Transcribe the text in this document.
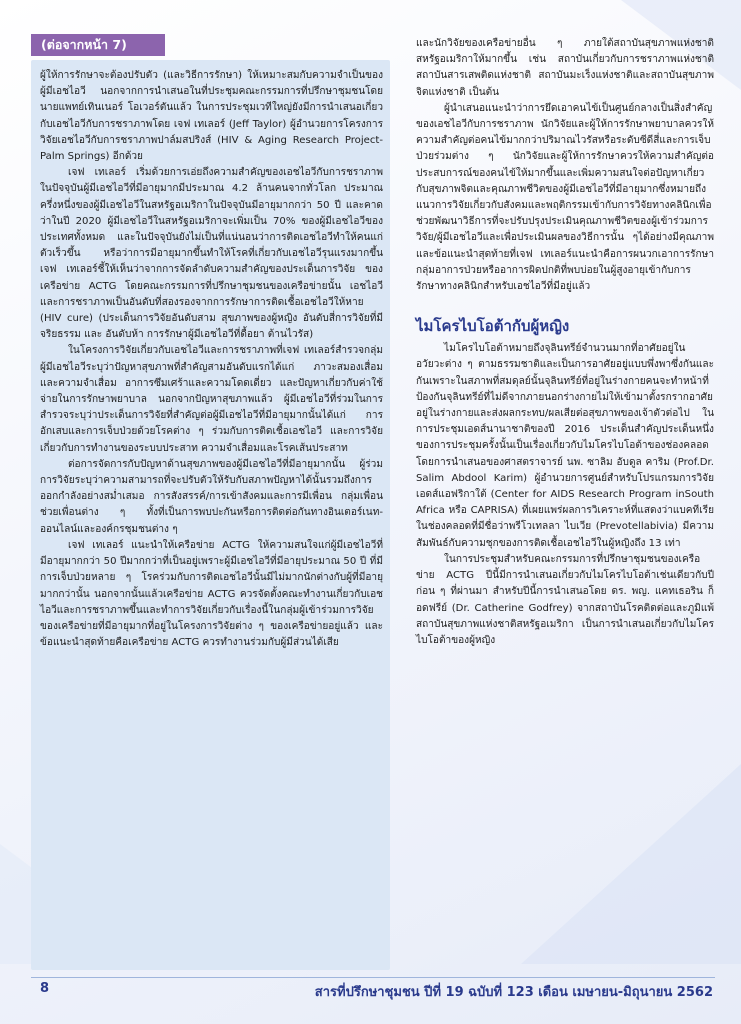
(ต่อจากหน้า 7)

ผู้ให้การรักษาจะต้องปรับตัว (และวิธีการรักษา) ให้เหมาะสมกับความจำเป็นของผู้มีเอชไอวี นอกจากการนำเสนอในที่ประชุมคณะกรรมการที่ปรึกษาชุมชนโดยนายแพทย์เทินเนอร์ โอเวอร์ตันแล้ว ในการประชุมเวทีใหญ่ยังมีการนำเสนอเกี่ยวกับเอชไอวีกับการชราภาพโดย เจฟ เทเลอร์ (Jeff Taylor) ผู้อำนวยการโครงการวิจัยเอชไอวีกับการชราภาพปาล์มสปริงส์ (HIV & Aging Research Project-Palm Springs) อีกด้วย

เจฟ เทเลอร์ เริ่มด้วยการเอ่ยถึงความสำคัญของเอชไอวีกับการชราภาพ ในปัจจุบันผู้มีเอชไอวีที่มีอายุมากมีประมาณ 4.2 ล้านคนจากทั่วโลก ประมาณครึ่งหนึ่งของผู้มีเอชไอวีในสหรัฐอเมริกาในปัจจุบันมีอายุมากกว่า 50 ปี และคาดว่าในปี 2020 ผู้มีเอชไอวีในสหรัฐอเมริกาจะเพิ่มเป็น 70% ของผู้มีเอชไอวีของประเทศทั้งหมด และในปัจจุบันยังไม่เป็นที่แน่นอนว่าการติดเอชไอวีทำให้คนแก่ตัวเร็วขึ้น หรือว่าการมีอายุมากขึ้นทำให้โรคที่เกี่ยวกับเอชไอวีรุนแรงมากขึ้น เจฟ เทเลอร์ชี้ให้เห็นว่าจากการจัดลำดับความสำคัญของประเด็นการวิจัย ของเครือข่าย ACTG โดยคณะกรรมการที่ปรึกษาชุมชนของเครือข่ายนั้น เอชไอวีและการชราภาพเป็นอันดับที่สองรองจากการรักษาการติดเชื้อเอชไอวีให้หาย (HIV cure) (ประเด็นการวิจัยอันดับสาม สุขภาพของผู้หญิง อันดับสี่การวิจัยที่มีจริยธรรม และ อันดับห้า การรักษาผู้มีเอชไอวีที่ดื้อยา ต้านไวรัส)

ในโครงการวิจัยเกี่ยวกับเอชไอวีและการชราภาพที่เจฟ เทเลอร์สำรวจกลุ่มผู้มีเอชไอวีระบุว่าปัญหาสุขภาพที่สำคัญสามอันดับแรกได้แก่ ภาวะสมองเสื่อมและความจำเสื่อม อาการซึมเศร้าและความโดดเดี่ยว และปัญหาเกี่ยวกับค่าใช้จ่ายในการรักษาพยาบาล นอกจากปัญหาสุขภาพแล้ว ผู้มีเอชไอวีที่ร่วมในการสำรวจระบุว่าประเด็นการวิจัยที่สำคัญต่อผู้มีเอชไอวีที่มีอายุมากนั้นได้แก่ การอักเสบและการเจ็บป่วยด้วยโรคต่าง ๆ ร่วมกับการติดเชื้อเอชไอวี และการวิจัยเกี่ยวกับการทำงานของระบบประสาท ความจำเสื่อมและโรคเส้นประสาท

ต่อการจัดการกับปัญหาด้านสุขภาพของผู้มีเอชไอวีที่มีอายุมากนั้น ผู้ร่วมการวิจัยระบุว่าความสามารถที่จะปรับตัวให้รับกับสภาพปัญหาได้นั้นรวมถึงการออกกำลังอย่างสม่ำเสมอ การสังสรรค์/การเข้าสังคมและการมีเพื่อน กลุ่มเพื่อนช่วยเพื่อนต่าง ๆ ทั้งที่เป็นการพบปะกันหรือการติดต่อกันทางอินเตอร์เนท-ออนไลน์และองค์กรชุมชนต่าง ๆ

เจฟ เทเลอร์ แนะนำให้เครือข่าย ACTG ให้ความสนใจแก่ผู้มีเอชไอวีที่มีอายุมากกว่า 50 ปีมากกว่าที่เป็นอยู่เพราะผู้มีเอชไอวีที่มีอายุประมาณ 50 ปี ที่มีการเจ็บป่วยหลาย ๆ โรคร่วมกับการติดเอชไอวีนั้นมีไม่มากนักต่างกับผู้ที่มีอายุมากกว่านั้น นอกจากนั้นแล้วเครือข่าย ACTG ควรจัดตั้งคณะทำงานเกี่ยวกับเอชไอวีและการชราภาพขึ้นและทำการวิจัยเกี่ยวกับเรื่องนี้ในกลุ่มผู้เข้าร่วมการวิจัยของเครือข่ายที่มีอายุมากที่อยู่ในโครงการวิจัยต่าง ๆ ของเครือข่ายอยู่แล้ว และข้อแนะนำสุดท้ายคือเครือข่าย ACTG ควรทำงานร่วมกับผู้มีส่วนได้เสีย

และนักวิจัยของเครือข่ายอื่น ๆ ภายใต้สถาบันสุขภาพแห่งชาติสหรัฐอเมริกาให้มากขึ้น เช่น สถาบันเกี่ยวกับการชราภาพแห่งชาติ สถาบันสารเสพติดแห่งชาติ สถาบันมะเร็งแห่งชาติและสถาบันสุขภาพจิตแห่งชาติ เป็นต้น

ผู้นำเสนอแนะนำว่าการยึดเอาคนไข้เป็นศูนย์กลางเป็นสิ่งสำคัญของเอชไอวีกับการชราภาพ นักวิจัยและผู้ให้การรักษาพยาบาลควรให้ความสำคัญต่อคนไข้มากกว่าปริมาณไวรัสหรือระดับซีดีสี่และการเจ็บป่วยร่วมต่าง ๆ นักวิจัยและผู้ให้การรักษาควรให้ความสำคัญต่อประสบการณ์ของคนไข้ให้มากขึ้นและเพิ่มความสนใจต่อปัญหาเกี่ยวกับสุขภาพจิตและคุณภาพชีวิตของผู้มีเอชไอวีที่มีอายุมากซึ่งหมายถึงแนวการวิจัยเกี่ยวกับสังคมและพฤติกรรมเข้ากับการวิจัยทางคลินิกเพื่อช่วยพัฒนาวิธีการที่จะปรับปรุงประเมินคุณภาพชีวิตของผู้เข้าร่วมการวิจัย/ผู้มีเอชไอวีและเพื่อประเมินผลของวิธีการนั้น ๆได้อย่างมีคุณภาพ และข้อแนะนำสุดท้ายที่เจฟ เทเลอร์แนะนำคือการผนวกเอาการรักษากลุ่มอาการป่วยหรืออาการผิดปกติที่พบบ่อยในผู้สูงอายุเข้ากับการรักษาทางคลินิกสำหรับเอชไอวีที่มีอยู่แล้ว

ไมโครไบโอต้ากับผู้หญิง

ไมโครไบโอต้าหมายถึงจุลินทรีย์จำนวนมากที่อาศัยอยู่ในอวัยวะต่าง ๆ ตามธรรมชาติและเป็นการอาศัยอยู่แบบพึ่งพาซึ่งกันและกันเพราะในสภาพที่สมดุลย์นั้นจุลินทรีย์ที่อยู่ในร่างกายคนจะทำหน้าที่ป้องกันจุลินทรีย์ที่ไม่ดีจากภายนอกร่างกายไม่ให้เข้ามาตั้งรกรากอาศัยอยู่ในร่างกายและส่งผลกระทบ/ผลเสียต่อสุขภาพของเจ้าตัวต่อไป ในการประชุมเอดส์นานาชาติของปี 2016 ประเด็นสำคัญประเด็นหนึ่งของการประชุมครั้งนั้นเป็นเรื่องเกี่ยวกับไมโครไบโอต้าของช่องคลอดโดยการนำเสนอของศาสตราจารย์ นพ. ซาลิม อับดูล คาริม (Prof.Dr. Salim Abdool Karim) ผู้อำนวยการศูนย์สำหรับโปรแกรมการวิจัยเอดส์แอฟริกาใต้ (Center for AIDS Research Program inSouth Africa หรือ CAPRISA) ที่เผยแพร่ผลการวิเคราะห์ที่แสดงว่าแบคทีเรียในช่องคลอดที่มีชื่อว่าพรีโวเทลลา ไบเวีย (Prevotellabivia) มีความสัมพันธ์กับความชุกของการติดเชื้อเอชไอวีในผู้หญิงถึง 13 เท่า

ในการประชุมสำหรับคณะกรรมการที่ปรึกษาชุมชนของเครือข่าย ACTG ปีนี้มีการนำเสนอเกี่ยวกับไมโครไบโอต้าเช่นเดียวกับปีก่อน ๆ ที่ผ่านมา สำหรับปีนี้การนำเสนอโดย ดร. พญ. แคทเธอริน ก็อดฟรีย์ (Dr. Catherine Godfrey) จากสถาบันโรคติดต่อและภูมิแพ้สถาบันสุขภาพแห่งชาติสหรัฐอเมริกา เป็นการนำเสนอเกี่ยวกับไมโครไบโอต้าของผู้หญิง

8	สารที่ปรึกษาชุมชน ปีที่ 19 ฉบับที่ 123 เดือน เมษายน-มิถุนายน 2562
